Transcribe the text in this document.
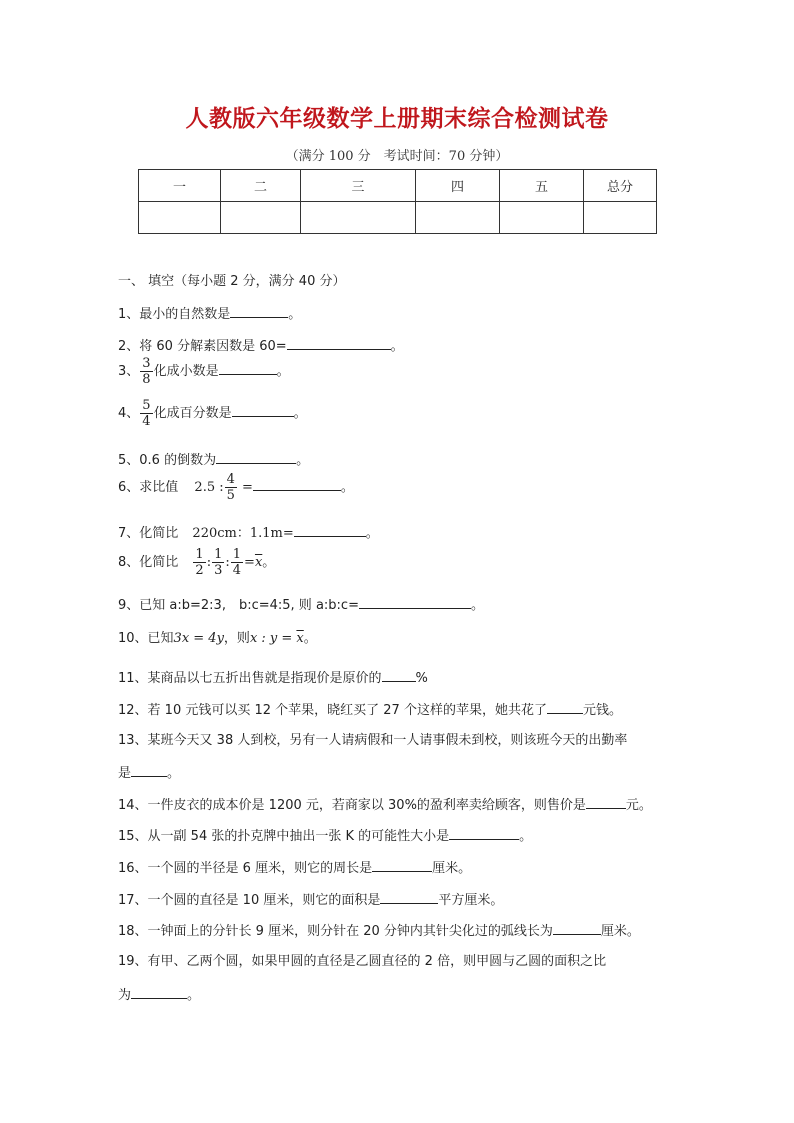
人教版六年级数学上册期末综合检测试卷
（满分 100 分　考试时间：70 分钟）
一	二	三	四	五	总分

一、 填空（每小题 2 分，满分 40 分）
1、最小的自然数是	。
2、将 60 分解素因数是 60=	。
3、 $\frac{3}{8}$ 化成小数是	。
4、 $\frac{5}{4}$ 化成百分数是	。
5、0.6 的倒数为	。
6、求比值 2.5 : $\frac{4}{5}$ =	。
7、化简比 220cm：1.1m=	。
8、化简比 $\frac{1}{2}$ : $\frac{1}{3}$ : $\frac{1}{4} =\overline{x}$。
9、已知 a:b=2:3,　b:c=4:5, 则 a:b:c=	。
10、已知3x = 4y，则x : $y = \overline{x}$。
11、某商品以七五折出售就是指现价是原价的	%
12、若 10 元钱可以买 12 个苹果，晓红买了 27 个这样的苹果，她共花了	元钱。
13、某班今天又 38 人到校，另有一人请病假和一人请事假未到校，则该班今天的出勤率
是	。
14、一件皮衣的成本价是 1200 元，若商家以 30%的盈利率卖给顾客，则售价是	元。
15、从一副 54 张的扑克牌中抽出一张 K 的可能性大小是	。
16、一个圆的半径是 6 厘米，则它的周长是	厘米。
17、一个圆的直径是 10 厘米，则它的面积是	平方厘米。
18、一钟面上的分针长 9 厘米，则分针在 20 分钟内其针尖化过的弧线长为	厘米。
19、有甲、乙两个圆，如果甲圆的直径是乙圆直径的 2 倍，则甲圆与乙圆的面积之比
为	。
